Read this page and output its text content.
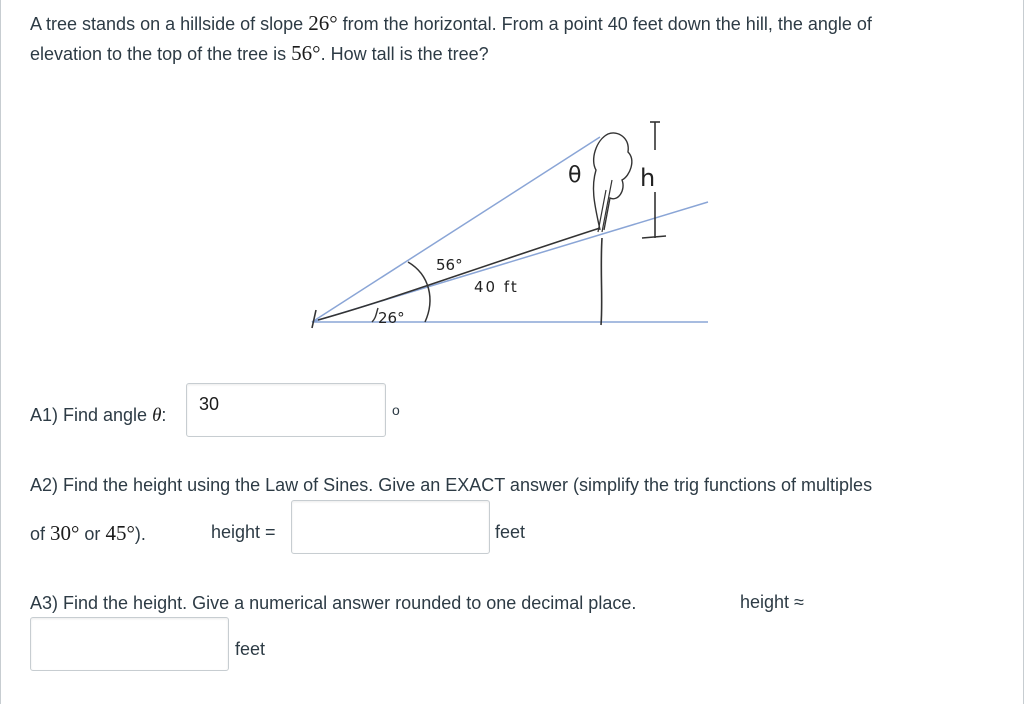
A tree stands on a hillside of slope 26° from the horizontal. From a point 40 feet down the hill, the angle of
elevation to the top of the tree is 56°. How tall is the tree?
56°
26°
40 ft
θ h
A1) Find angle θ:
30	o
A2) Find the height using the Law of Sines. Give an EXACT answer (simplify the trig functions of multiples
of 30° or 45°).	height =	feet
A3) Find the height. Give a numerical answer rounded to one decimal place.	height ≈
feet
